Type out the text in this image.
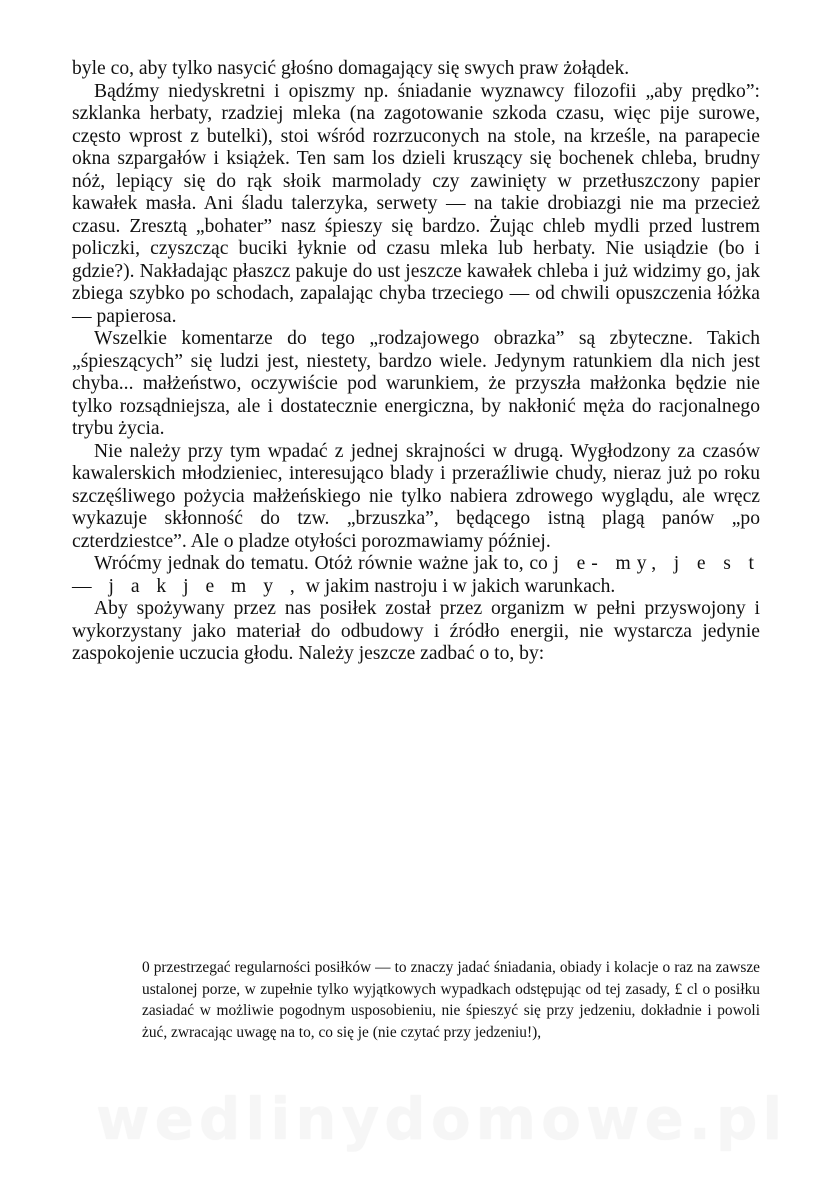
byle co, aby tylko nasycić głośno domagający się swych praw żołądek.

Bądźmy niedyskretni i opiszmy np. śniadanie wyznawcy filozofii „aby prędko”: szklanka herbaty, rzadziej mleka (na zagotowanie szkoda czasu, więc pije surowe, często wprost z butelki), stoi wśród rozrzuconych na stole, na krześle, na parapecie okna szpargałów i książek. Ten sam los dzieli kruszący się bochenek chleba, brudny nóż, lepiący się do rąk słoik marmolady czy zawinięty w przetłuszczony papier kawałek masła. Ani śladu talerzyka, serwety — na takie drobiazgi nie ma przecież czasu. Zresztą „bohater” nasz śpieszy się bardzo. Żując chleb mydli przed lustrem policzki, czyszcząc buciki łyknie od czasu mleka lub herbaty. Nie usiądzie (bo i gdzie?). Nakładając płaszcz pakuje do ust jeszcze kawałek chleba i już widzimy go, jak zbiega szybko po schodach, zapalając chyba trzeciego — od chwili opuszczenia łóżka — papierosa.

Wszelkie komentarze do tego „rodzajowego obrazka” są zbyteczne. Takich „śpieszących” się ludzi jest, niestety, bardzo wiele. Jedynym ratunkiem dla nich jest chyba... małżeństwo, oczywiście pod warunkiem, że przyszła małżonka będzie nie tylko rozsądniejsza, ale i dostatecznie energiczna, by nakłonić męża do racjonalnego trybu życia.

Nie należy przy tym wpadać z jednej skrajności w drugą. Wygłodzony za czasów kawalerskich młodzieniec, interesująco blady i przeraźliwie chudy, nieraz już po roku szczęśliwego pożycia małżeńskiego nie tylko nabiera zdrowego wyglądu, ale wręcz wykazuje skłonność do tzw. „brzuszka”, będącego istną plagą panów „po czterdziestce”. Ale o pladze otyłości porozmawiamy później.

Wróćmy jednak do tematu. Otóż równie ważne jak to, co j e- my, j e s t — j a k j e m y , w jakim nastroju i w jakich warunkach.

Aby spożywany przez nas posiłek został przez organizm w pełni przyswojony i wykorzystany jako materiał do odbudowy i źródło energii, nie wystarcza jedynie zaspokojenie uczucia głodu. Należy jeszcze zadbać o to, by:

0 przestrzegać regularności posiłków — to znaczy jadać śniadania, obiady i kolacje o raz na zawsze ustalonej porze, w zupełnie tylko wyjątkowych wypadkach odstępując od tej zasady, £ cl o posiłku zasiadać w możliwie pogodnym usposobieniu, nie śpieszyć się przy jedzeniu, dokładnie i powoli żuć, zwracając uwagę na to, co się je (nie czytać przy jedzeniu!),
wedlinydomowe.pl
